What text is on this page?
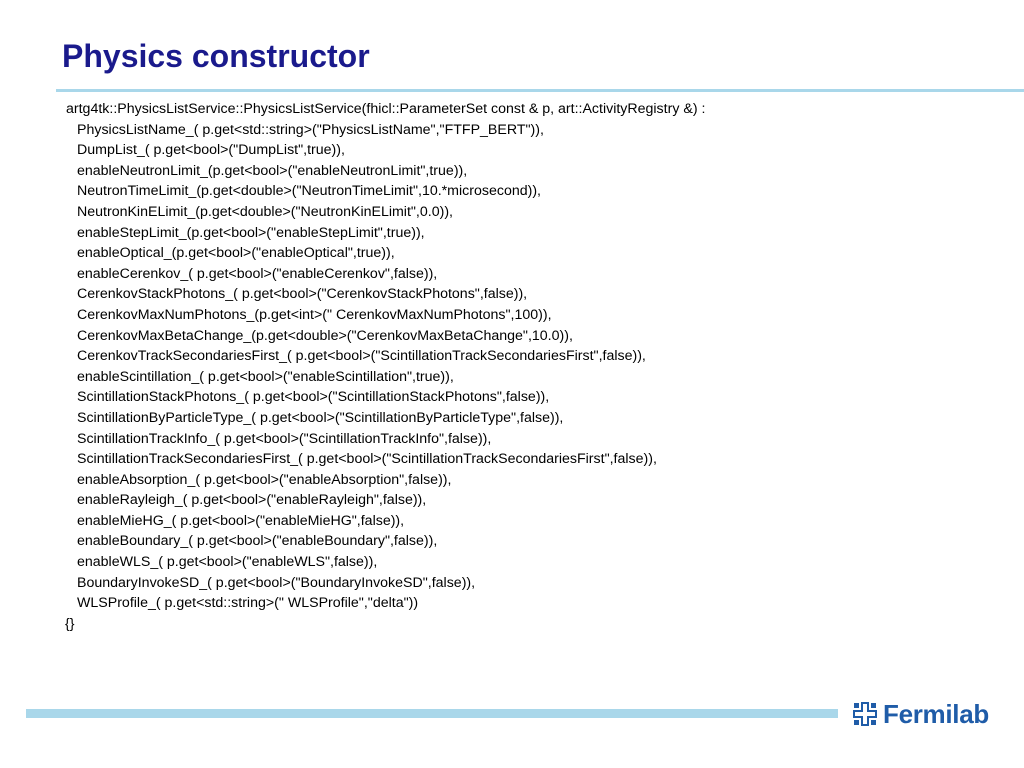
Physics constructor
artg4tk::PhysicsListService::PhysicsListService(fhicl::ParameterSet const & p, art::ActivityRegistry &) :
PhysicsListName_( p.get<std::string>("PhysicsListName","FTFP_BERT")),
DumpList_( p.get<bool>("DumpList",true)),
enableNeutronLimit_(p.get<bool>("enableNeutronLimit",true)),
NeutronTimeLimit_(p.get<double>("NeutronTimeLimit",10.*microsecond)),
NeutronKinELimit_(p.get<double>("NeutronKinELimit",0.0)),
enableStepLimit_(p.get<bool>("enableStepLimit",true)),
enableOptical_(p.get<bool>("enableOptical",true)),
enableCerenkov_( p.get<bool>("enableCerenkov",false)),
CerenkovStackPhotons_( p.get<bool>("CerenkovStackPhotons",false)),
CerenkovMaxNumPhotons_(p.get<int>(" CerenkovMaxNumPhotons",100)),
CerenkovMaxBetaChange_(p.get<double>("CerenkovMaxBetaChange",10.0)),
CerenkovTrackSecondariesFirst_( p.get<bool>("ScintillationTrackSecondariesFirst",false)),
enableScintillation_( p.get<bool>("enableScintillation",true)),
ScintillationStackPhotons_( p.get<bool>("ScintillationStackPhotons",false)),
ScintillationByParticleType_( p.get<bool>("ScintillationByParticleType",false)),
ScintillationTrackInfo_( p.get<bool>("ScintillationTrackInfo",false)),
ScintillationTrackSecondariesFirst_( p.get<bool>("ScintillationTrackSecondariesFirst",false)),
enableAbsorption_( p.get<bool>("enableAbsorption",false)),
enableRayleigh_( p.get<bool>("enableRayleigh",false)),
enableMieHG_( p.get<bool>("enableMieHG",false)),
enableBoundary_( p.get<bool>("enableBoundary",false)),
enableWLS_( p.get<bool>("enableWLS",false)),
BoundaryInvokeSD_( p.get<bool>("BoundaryInvokeSD",false)),
WLSProfile_( p.get<std::string>(" WLSProfile","delta"))
{}
Fermilab
